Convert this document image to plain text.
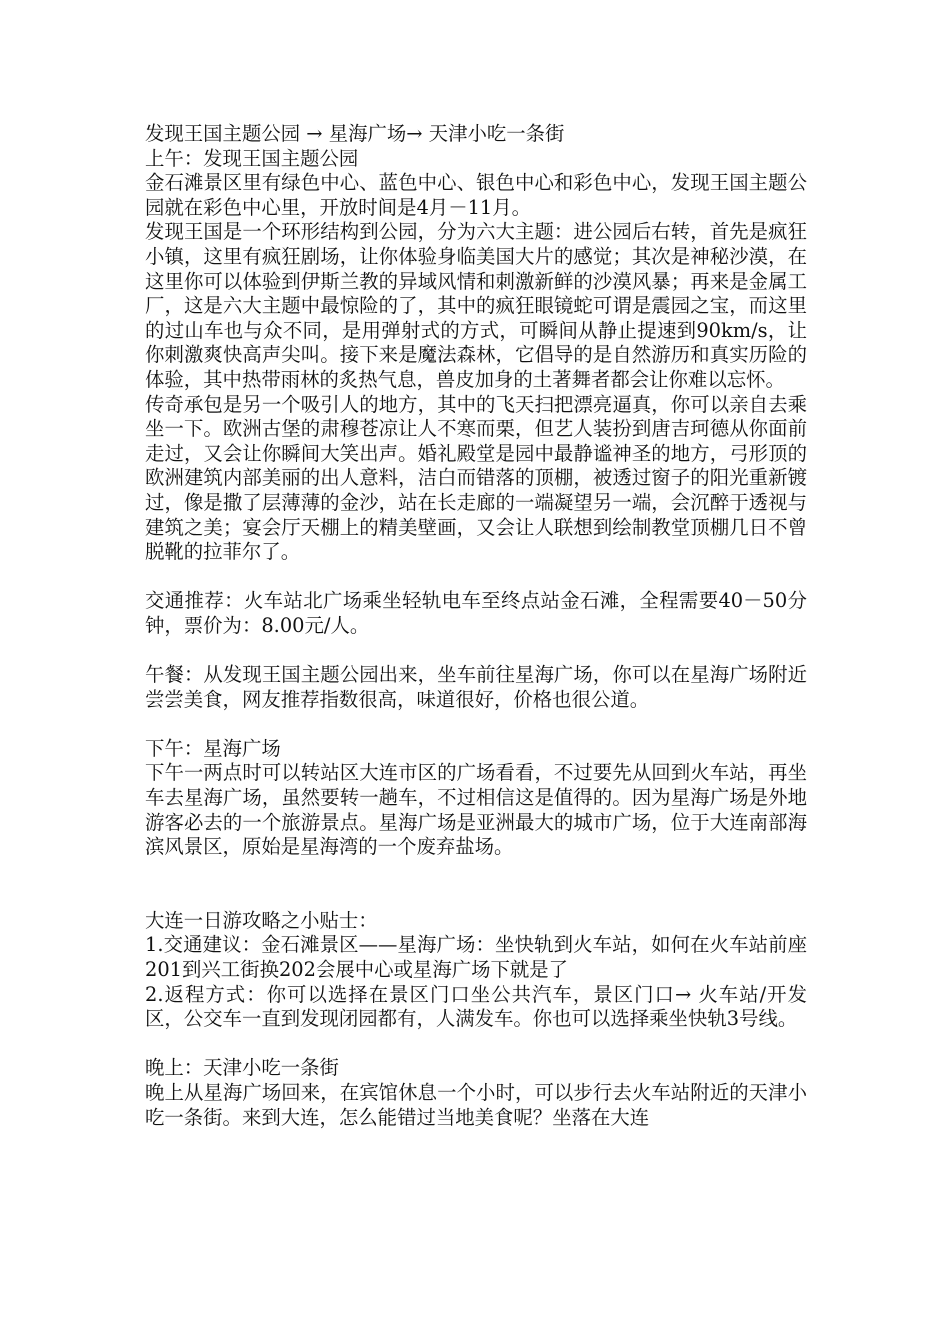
发现王国主题公园 → 星海广场→ 天津小吃一条街

上午：发现王国主题公园

金石滩景区里有绿色中心、蓝色中心、银色中心和彩色中心，发现王国主题公园就在彩色中心里，开放时间是4月－11月。

发现王国是一个环形结构到公园，分为六大主题：进公园后右转，首先是疯狂小镇，这里有疯狂剧场，让你体验身临美国大片的感觉；其次是神秘沙漠，在这里你可以体验到伊斯兰教的异域风情和刺激新鲜的沙漠风暴；再来是金属工厂，这是六大主题中最惊险的了，其中的疯狂眼镜蛇可谓是震园之宝，而这里的过山车也与众不同，是用弹射式的方式，可瞬间从静止提速到90km/s，让你刺激爽快高声尖叫。接下来是魔法森林，它倡导的是自然游历和真实历险的体验，其中热带雨林的炙热气息，兽皮加身的土著舞者都会让你难以忘怀。

传奇承包是另一个吸引人的地方，其中的飞天扫把漂亮逼真，你可以亲自去乘坐一下。欧洲古堡的肃穆苍凉让人不寒而栗，但艺人装扮到唐吉珂德从你面前走过，又会让你瞬间大笑出声。婚礼殿堂是园中最静谧神圣的地方，弓形顶的欧洲建筑内部美丽的出人意料，洁白而错落的顶棚，被透过窗子的阳光重新镀过，像是撒了层薄薄的金沙，站在长走廊的一端凝望另一端，会沉醉于透视与建筑之美；宴会厅天棚上的精美壁画，又会让人联想到绘制教堂顶棚几日不曾脱靴的拉菲尔了。

交通推荐：火车站北广场乘坐轻轨电车至终点站金石滩，全程需要40－50分钟，票价为：8.00元/人。

午餐：从发现王国主题公园出来，坐车前往星海广场，你可以在星海广场附近尝尝美食，网友推荐指数很高，味道很好，价格也很公道。

下午：星海广场

下午一两点时可以转站区大连市区的广场看看，不过要先从回到火车站，再坐车去星海广场，虽然要转一趟车，不过相信这是值得的。因为星海广场是外地游客必去的一个旅游景点。星海广场是亚洲最大的城市广场，位于大连南部海滨风景区，原始是星海湾的一个废弃盐场。

大连一日游攻略之小贴士：

1.交通建议：金石滩景区——星海广场：坐快轨到火车站，如何在火车站前座201到兴工街换202会展中心或星海广场下就是了

2.返程方式：你可以选择在景区门口坐公共汽车，景区门口→ 火车站/开发区，公交车一直到发现闭园都有，人满发车。你也可以选择乘坐快轨3号线。

晚上：天津小吃一条街

晚上从星海广场回来，在宾馆休息一个小时，可以步行去火车站附近的天津小吃一条街。来到大连，怎么能错过当地美食呢？坐落在大连
